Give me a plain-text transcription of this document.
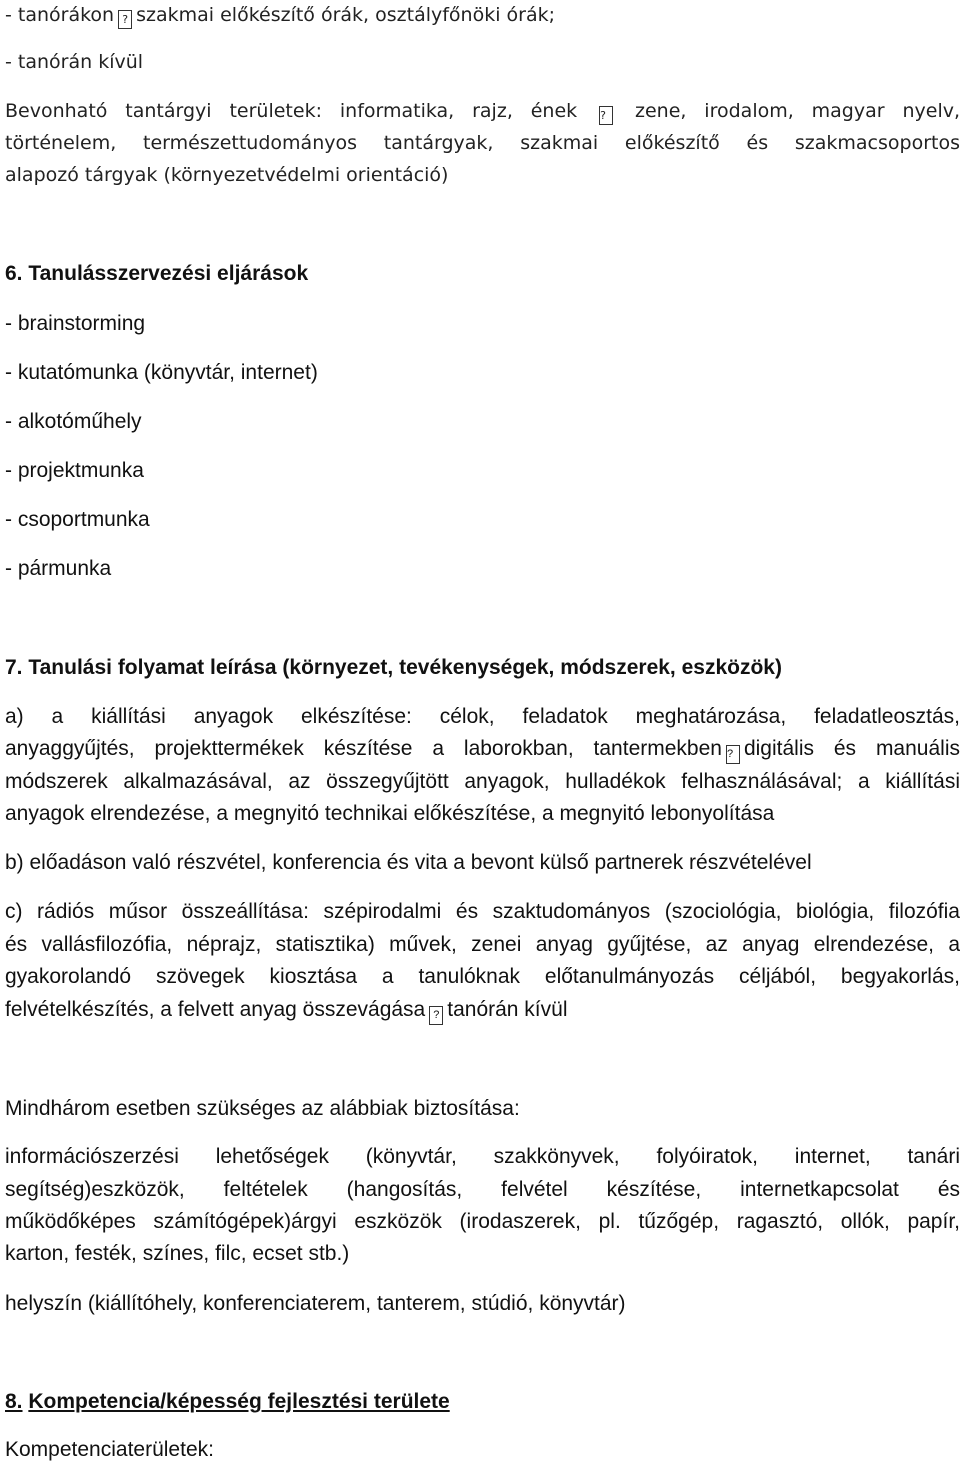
- tanórákon ? szakmai előkészítő órák, osztályfőnöki órák;
- tanórán kívül
Bevonható tantárgyi területek: informatika, rajz, ének ? zene, irodalom, magyar nyelv,
történelem, természettudományos tantárgyak, szakmai előkészítő és szakmacsoportos
alapozó tárgyak (környezetvédelmi orientáció)
6. Tanulásszervezési eljárások
- brainstorming
- kutatómunka (könyvtár, internet)
- alkotóműhely
- projektmunka
- csoportmunka
- pármunka
7. Tanulási folyamat leírása (környezet, tevékenységek, módszerek, eszközök)
a) a kiállítási anyagok elkészítése: célok, feladatok meghatározása, feladatleosztás,
anyaggyűjtés, projekttermékek készítése a laborokban, tantermekben ? digitális és manuális
módszerek alkalmazásával, az összegyűjtött anyagok, hulladékok felhasználásával; a kiállítási
anyagok elrendezése, a megnyitó technikai előkészítése, a megnyitó lebonyolítása
b) előadáson való részvétel, konferencia és vita a bevont külső partnerek részvételével
c) rádiós műsor összeállítása: szépirodalmi és szaktudományos (szociológia, biológia, filozófia
és vallásfilozófia, néprajz, statisztika) művek, zenei anyag gyűjtése, az anyag elrendezése, a
gyakorolandó szövegek kiosztása a tanulóknak előtanulmányozás céljából, begyakorlás,
felvételkészítés, a felvett anyag összevágása ? tanórán kívül
Mindhárom esetben szükséges az alábbiak biztosítása:
információszerzési lehetőségek (könyvtár, szakkönyvek, folyóiratok, internet, tanári
segítség)eszközök, feltételek (hangosítás, felvétel készítése, internetkapcsolat és
működőképes számítógépek)árgyi eszközök (irodaszerek, pl. tűzőgép, ragasztó, ollók, papír,
karton, festék, színes, filc, ecset stb.)
helyszín (kiállítóhely, konferenciaterem, tanterem, stúdió, könyvtár)
8. Kompetencia/képesség fejlesztési területe
Kompetenciaterületek:
